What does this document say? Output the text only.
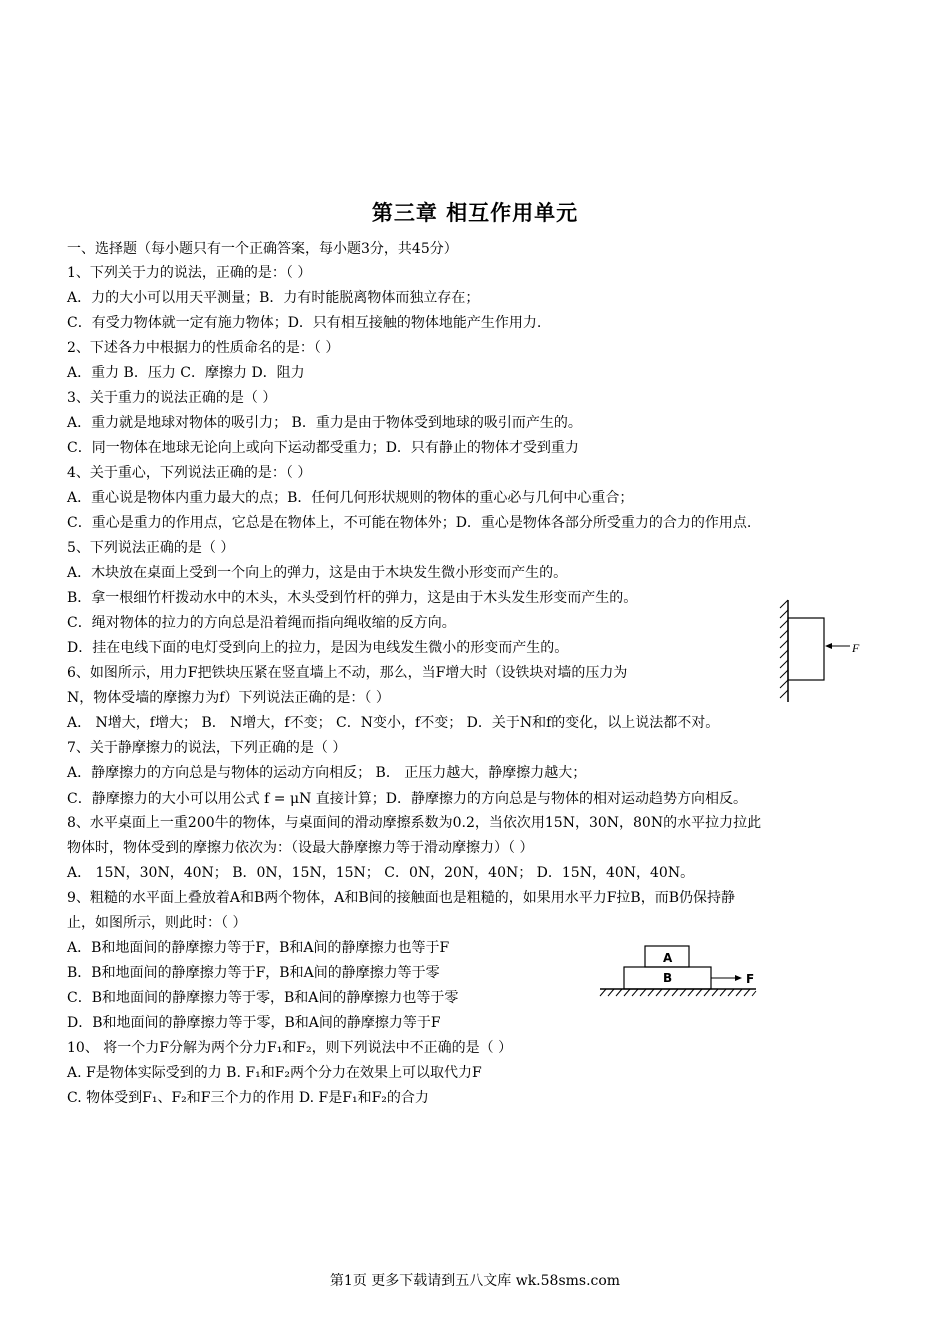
第三章 相互作用单元
一、选择题（每小题只有一个正确答案，每小题3分，共45分）
1、下列关于力的说法，正确的是：（ ）
A．力的大小可以用天平测量；B．力有时能脱离物体而独立存在；
C．有受力物体就一定有施力物体；D．只有相互接触的物体地能产生作用力.
2、下述各力中根据力的性质命名的是：（ ）
A．重力 B．压力 C．摩擦力 D．阻力
3、关于重力的说法正确的是（ ）
A．重力就是地球对物体的吸引力； B．重力是由于物体受到地球的吸引而产生的。
C．同一物体在地球无论向上或向下运动都受重力；D．只有静止的物体才受到重力
4、关于重心，下列说法正确的是：（ ）
A．重心说是物体内重力最大的点；B．任何几何形状规则的物体的重心必与几何中心重合；
C．重心是重力的作用点，它总是在物体上，不可能在物体外；D．重心是物体各部分所受重力的合力的作用点.
5、下列说法正确的是（ ）
A．木块放在桌面上受到一个向上的弹力，这是由于木块发生微小形变而产生的。
B．拿一根细竹杆拨动水中的木头，木头受到竹杆的弹力，这是由于木头发生形变而产生的。
C．绳对物体的拉力的方向总是沿着绳而指向绳收缩的反方向。
D．挂在电线下面的电灯受到向上的拉力，是因为电线发生微小的形变而产生的。
6、如图所示，用力F把铁块压紧在竖直墙上不动，那么，当F增大时（设铁块对墙的压力为
N，物体受墙的摩擦力为f）下列说法正确的是：（ ）
A． N增大，f增大； B． N增大，f不变； C．N变小，f不变； D．关于N和f的变化，以上说法都不对。
7、关于静摩擦力的说法，下列正确的是（ ）
A．静摩擦力的方向总是与物体的运动方向相反； B． 正压力越大，静摩擦力越大；
C．静摩擦力的大小可以用公式 f = μN 直接计算；D．静摩擦力的方向总是与物体的相对运动趋势方向相反。
8、水平桌面上一重200牛的物体，与桌面间的滑动摩擦系数为0.2，当依次用15N，30N，80N的水平拉力拉此
物体时，物体受到的摩擦力依次为：（设最大静摩擦力等于滑动摩擦力）（ ）
A． 15N，30N，40N； B．0N，15N，15N； C．0N，20N，40N； D．15N，40N，40N。
9、粗糙的水平面上叠放着A和B两个物体，A和B间的接触面也是粗糙的，如果用水平力F拉B，而B仍保持静
止，如图所示，则此时：（ ）
A．B和地面间的静摩擦力等于F，B和A间的静摩擦力也等于F
B．B和地面间的静摩擦力等于F，B和A间的静摩擦力等于零
C．B和地面间的静摩擦力等于零，B和A间的静摩擦力也等于零
D．B和地面间的静摩擦力等于零，B和A间的静摩擦力等于F
10、 将一个力F分解为两个分力F₁和F₂，则下列说法中不正确的是（ ）
A. F是物体实际受到的力 B. F₁和F₂两个分力在效果上可以取代力F
C. 物体受到F₁、F₂和F三个力的作用 D. F是F₁和F₂的合力
F
A
B	F
第1页 更多下载请到五八文库 wk.58sms.com
